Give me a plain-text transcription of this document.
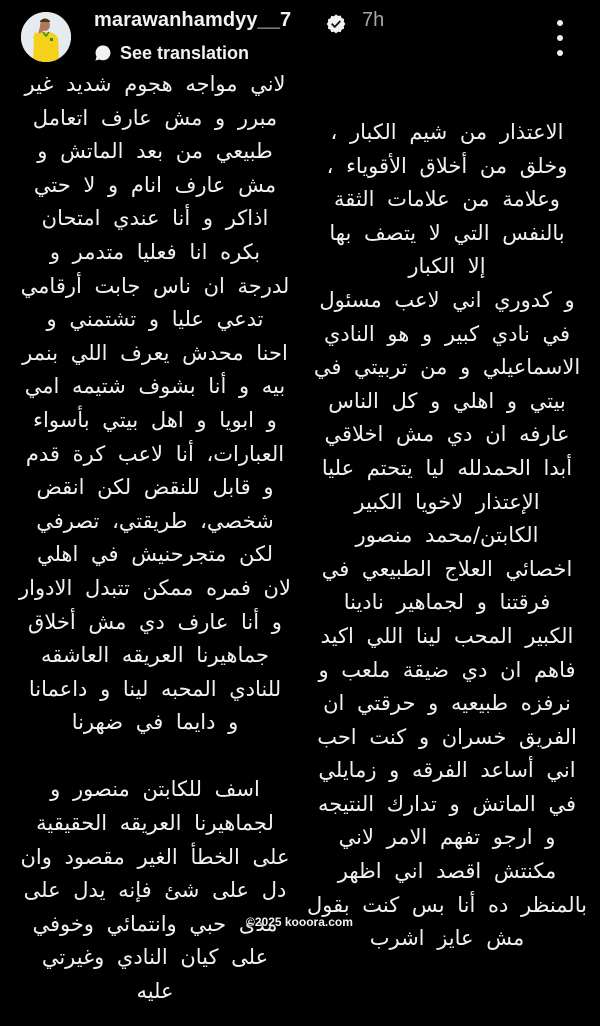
marawanhamdyy__7	7h
See translation
لاني مواجه هجوم شديد غير
مبرر و مش عارف اتعامل
طبيعي من بعد الماتش و
مش عارف انام و لا حتي
اذاكر و أنا عندي امتحان
بكره انا فعليا متدمر و
لدرجة ان ناس جابت أرقامي
تدعي عليا و تشتمني و
احنا محدش يعرف اللي بنمر
بيه و أنا بشوف شتيمه امي
و ابويا و اهل بيتي بأسواء
العبارات، أنا لاعب كرة قدم
و قابل للنقض لكن انقض
شخصي، طريقتي، تصرفي
لكن متجرحنيش في اهلي
لان فمره ممكن تتبدل الادوار
و أنا عارف دي مش أخلاق
جماهيرنا العريقه العاشقه
للنادي المحبه لينا و داعمانا
و دايما في ضهرنا
اسف للكابتن منصور و
لجماهيرنا العريقه الحقيقية
على الخطأ الغير مقصود وان
دل على شئ فإنه يدل على
مدى حبي وانتمائي وخوفي
على كيان النادي وغيرتي
عليه
الاعتذار من شيم الكبار ،
وخلق من أخلاق الأقوياء ،
وعلامة من علامات الثقة
بالنفس التي لا يتصف بها
إلا الكبار
و كدوري اني لاعب مسئول
في نادي كبير و هو النادي
الاسماعيلي و من تربيتي في
بيتي و اهلي و كل الناس
عارفه ان دي مش اخلاقي
أبدا الحمدلله ليا يتحتم عليا
الإعتذار لاخويا الكبير
الكابتن/محمد منصور
اخصائي العلاج الطبيعي في
فرقتنا و لجماهير نادينا
الكبير المحب لينا اللي اكيد
فاهم ان دي ضيقة ملعب و
نرفزه طبيعيه و حرقتي ان
الفريق خسران و كنت احب
اني أساعد الفرقه و زمايلي
في الماتش و تدارك النتيجه
و ارجو تفهم الامر لاني
مكنتش اقصد اني اظهر
بالمنظر ده أنا بس كنت بقول
مش عايز اشرب
©2025 kooora.com
